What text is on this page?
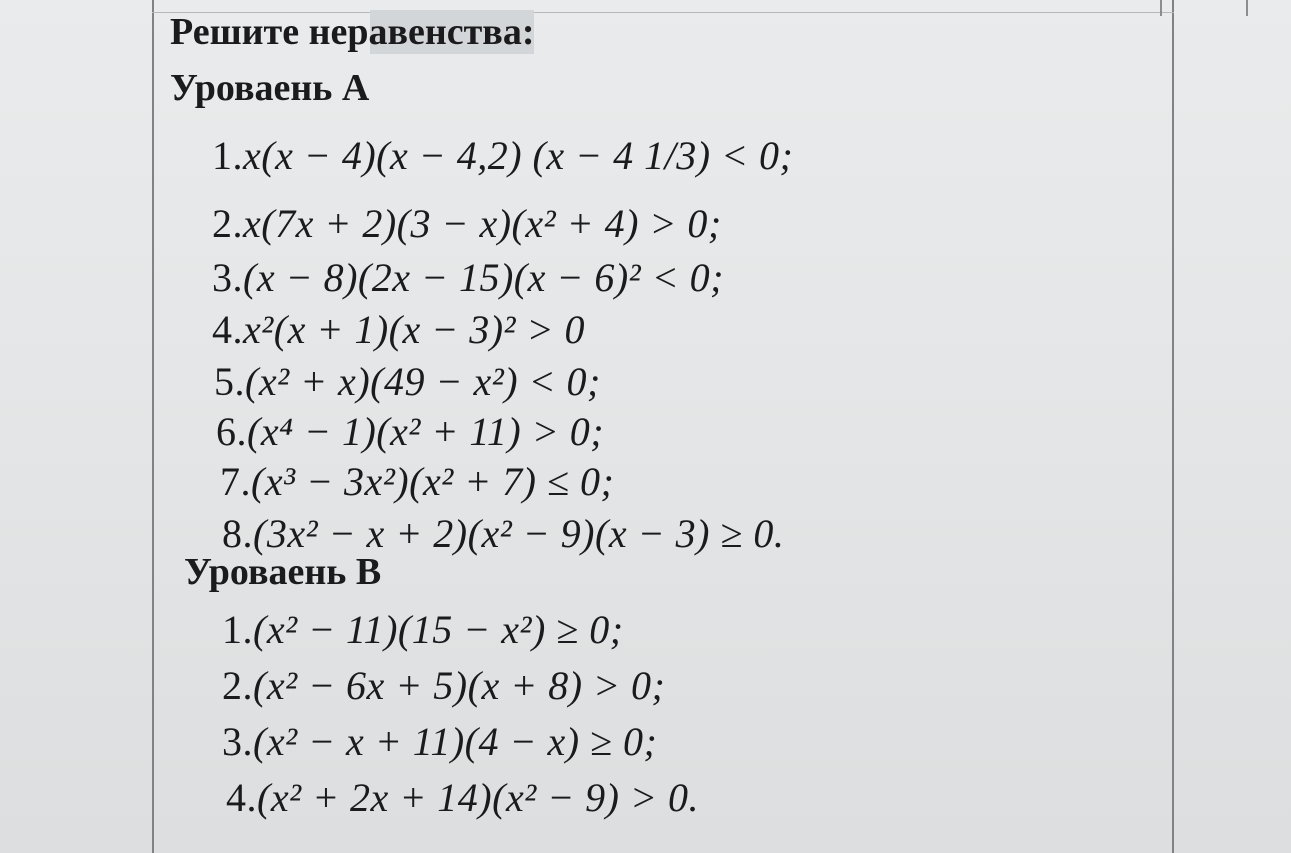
Решите неравенства:
Уроваень А
1.x(x − 4)(x − 4,2) (x − 4 1/3) < 0;
2.x(7x + 2)(3 − x)(x² + 4) > 0;
3.(x − 8)(2x − 15)(x − 6)² < 0;
4.x²(x + 1)(x − 3)² > 0
5.(x² + x)(49 − x²) < 0;
6.(x⁴ − 1)(x² + 11) > 0;
7.(x³ − 3x²)(x² + 7) ≤ 0;
8.(3x² − x + 2)(x² − 9)(x − 3) ≥ 0.
Уроваень В
1.(x² − 11)(15 − x²) ≥ 0;
2.(x² − 6x + 5)(x + 8) > 0;
3.(x² − x + 11)(4 − x) ≥ 0;
4.(x² + 2x + 14)(x² − 9) > 0.
